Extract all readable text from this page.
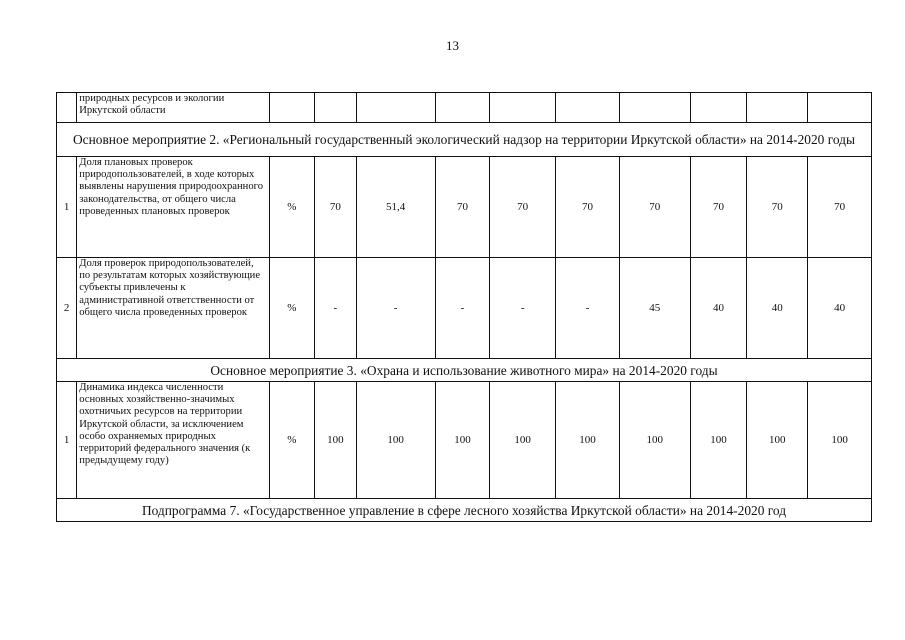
13
	природных ресурсов и экологии Иркутской области										
Основное мероприятие 2. «Региональный государственный экологический надзор на территории Иркутской области» на 2014-2020 годы											
1	Доля плановых проверок природопользователей, в ходе которых выявлены нарушения природоохранного законодательства, от общего числа проведенных плановых проверок	%	70	51,4	70	70	70	70	70	70	70
2	Доля проверок природопользователей, по результатам которых хозяйствующие субъекты привлечены к административной ответственности от общего числа проведенных проверок	%	-	-	-	-	-	45	40	40	40
Основное мероприятие 3. «Охрана и использование животного мира» на 2014-2020 годы											
1	Динамика индекса численности основных хозяйственно-значимых охотничьих ресурсов на территории Иркутской области, за исключением особо охраняемых природных территорий федерального значения (к предыдущему году)	%	100	100	100	100	100	100	100	100	100
Подпрограмма 7. «Государственное управление в сфере лесного хозяйства Иркутской области» на 2014-2020 год											
